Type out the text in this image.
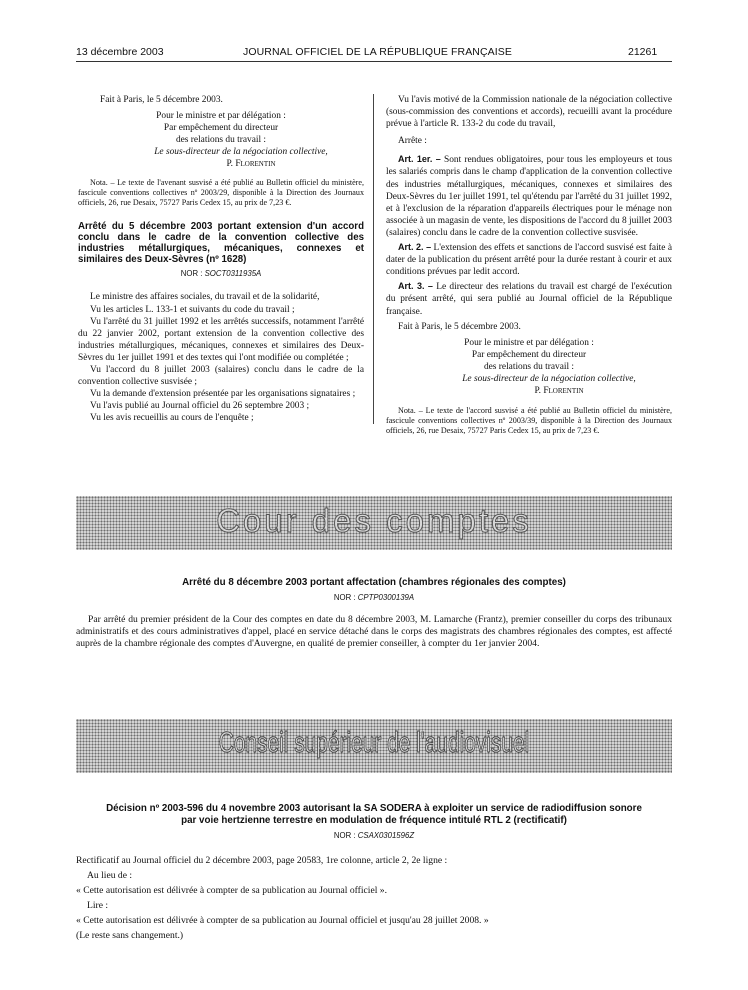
13 décembre 2003	JOURNAL OFFICIEL DE LA RÉPUBLIQUE FRANÇAISE	21261

Fait à Paris, le 5 décembre 2003.

Pour le ministre et par délégation :

Par empêchement du directeur

des relations du travail :

Le sous-directeur de la négociation collective,

P. Florentin

Nota. – Le texte de l'avenant susvisé a été publié au Bulletin officiel du ministère, fascicule conventions collectives nº 2003/29, disponible à la Direction des Journaux officiels, 26, rue Desaix, 75727 Paris Cedex 15, au prix de 7,23 €.

Arrêté du 5 décembre 2003 portant extension d'un accord conclu dans le cadre de la convention collective des industries métallurgiques, mécaniques, connexes et similaires des Deux-Sèvres (nº 1628)

NOR : SOCT0311935A

Le ministre des affaires sociales, du travail et de la solidarité,

Vu les articles L. 133-1 et suivants du code du travail ;

Vu l'arrêté du 31 juillet 1992 et les arrêtés successifs, notamment l'arrêté du 22 janvier 2002, portant extension de la convention collective des industries métallurgiques, mécaniques, connexes et similaires des Deux-Sèvres du 1er juillet 1991 et des textes qui l'ont modifiée ou complétée ;

Vu l'accord du 8 juillet 2003 (salaires) conclu dans le cadre de la convention collective susvisée ;

Vu la demande d'extension présentée par les organisations signataires ;

Vu l'avis publié au Journal officiel du 26 septembre 2003 ;

Vu les avis recueillis au cours de l'enquête ;

Vu l'avis motivé de la Commission nationale de la négociation collective (sous-commission des conventions et accords), recueilli avant la procédure prévue à l'article R. 133-2 du code du travail,

Arrête :

Art. 1er. – Sont rendues obligatoires, pour tous les employeurs et tous les salariés compris dans le champ d'application de la convention collective des industries métallurgiques, mécaniques, connexes et similaires des Deux-Sèvres du 1er juillet 1991, tel qu'étendu par l'arrêté du 31 juillet 1992, et à l'exclusion de la réparation d'appareils électriques pour le ménage non associée à un magasin de vente, les dispositions de l'accord du 8 juillet 2003 (salaires) conclu dans le cadre de la convention collective susvisée.

Art. 2. – L'extension des effets et sanctions de l'accord susvisé est faite à dater de la publication du présent arrêté pour la durée restant à courir et aux conditions prévues par ledit accord.

Art. 3. – Le directeur des relations du travail est chargé de l'exécution du présent arrêté, qui sera publié au Journal officiel de la République française.

Fait à Paris, le 5 décembre 2003.

Pour le ministre et par délégation :

Par empêchement du directeur

des relations du travail :

Le sous-directeur de la négociation collective,

P. Florentin

Nota. – Le texte de l'accord susvisé a été publié au Bulletin officiel du ministère, fascicule conventions collectives nº 2003/39, disponible à la Direction des Journaux officiels, 26, rue Desaix, 75727 Paris Cedex 15, au prix de 7,23 €.

Cour des comptes
Arrêté du 8 décembre 2003 portant affectation (chambres régionales des comptes)
NOR : CPTP0300139A

Par arrêté du premier président de la Cour des comptes en date du 8 décembre 2003, M. Lamarche (Frantz), premier conseiller du corps des tribunaux administratifs et des cours administratives d'appel, placé en service détaché dans le corps des magistrats des chambres régionales des comptes, est affecté auprès de la chambre régionale des comptes d'Auvergne, en qualité de premier conseiller, à compter du 1er janvier 2004.

Conseil supérieur de l'audiovisuel
Décision nº 2003-596 du 4 novembre 2003 autorisant la SA SODERA à exploiter un service de radiodiffusion sonore
par voie hertzienne terrestre en modulation de fréquence intitulé RTL 2 (rectificatif)
NOR : CSAX0301596Z

Rectificatif au Journal officiel du 2 décembre 2003, page 20583, 1re colonne, article 2, 2e ligne :

Au lieu de :

« Cette autorisation est délivrée à compter de sa publication au Journal officiel ».

Lire :

« Cette autorisation est délivrée à compter de sa publication au Journal officiel et jusqu'au 28 juillet 2008. »

(Le reste sans changement.)
